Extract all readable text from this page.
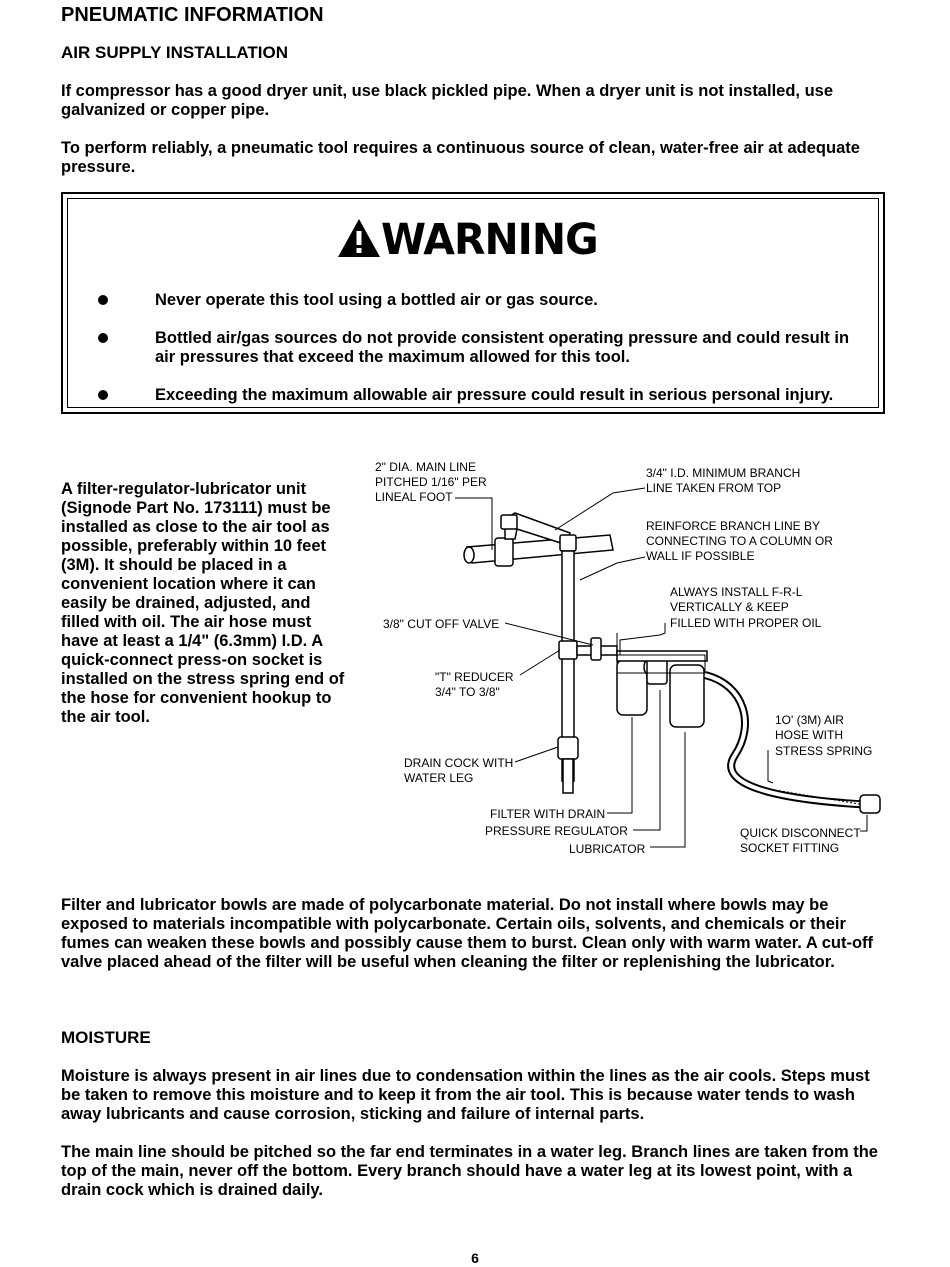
PNEUMATIC INFORMATION
AIR SUPPLY INSTALLATION
If compressor has a good dryer unit, use black pickled pipe. When a dryer unit is not installed, use galvanized or copper pipe.
To perform reliably, a pneumatic tool requires a continuous source of clean, water-free air at adequate pressure.
WARNING
Never operate this tool using a bottled air or gas source.
Bottled air/gas sources do not provide consistent operating pressure and could result in air pressures that exceed the maximum allowed for this tool.
Exceeding the maximum allowable air pressure could result in serious personal injury.
A filter-regulator-lubricator unit (Signode Part No. 173111) must be installed as close to the air tool as possible, preferably within 10 feet (3M). It should be placed in a convenient location where it can easily be drained, adjusted, and filled with oil. The air hose must have at least a 1/4" (6.3mm) I.D. A quick-connect press-on socket is installed on the stress spring end of the hose for convenient hookup to the air tool.
2" DIA. MAIN LINE
PITCHED 1/16" PER
LINEAL FOOT
3/4" I.D. MINIMUM BRANCH
LINE TAKEN FROM TOP
REINFORCE BRANCH LINE BY
CONNECTING TO A COLUMN OR
WALL IF POSSIBLE
ALWAYS INSTALL F-R-L
VERTICALLY & KEEP
FILLED WITH PROPER OIL
3/8" CUT OFF VALVE
"T" REDUCER
3/4" TO 3/8"
1O' (3M) AIR
HOSE WITH
STRESS SPRING
DRAIN COCK WITH
WATER LEG
FILTER WITH DRAIN
PRESSURE REGULATOR
LUBRICATOR
QUICK DISCONNECT
SOCKET FITTING
Filter and lubricator bowls are made of polycarbonate material. Do not install where bowls may be exposed to materials incompatible with polycarbonate. Certain oils, solvents, and chemicals or their fumes can weaken these bowls and possibly cause them to burst. Clean only with warm water. A cut-off valve placed ahead of the filter will be useful when cleaning the filter or replenishing the lubricator.
MOISTURE
Moisture is always present in air lines due to condensation within the lines as the air cools. Steps must be taken to remove this moisture and to keep it from the air tool. This is because water tends to wash away lubricants and cause corrosion, sticking and failure of internal parts.
The main line should be pitched so the far end terminates in a water leg. Branch lines are taken from the top of the main, never off the bottom. Every branch should have a water leg at its lowest point, with a drain cock which is drained daily.
6
